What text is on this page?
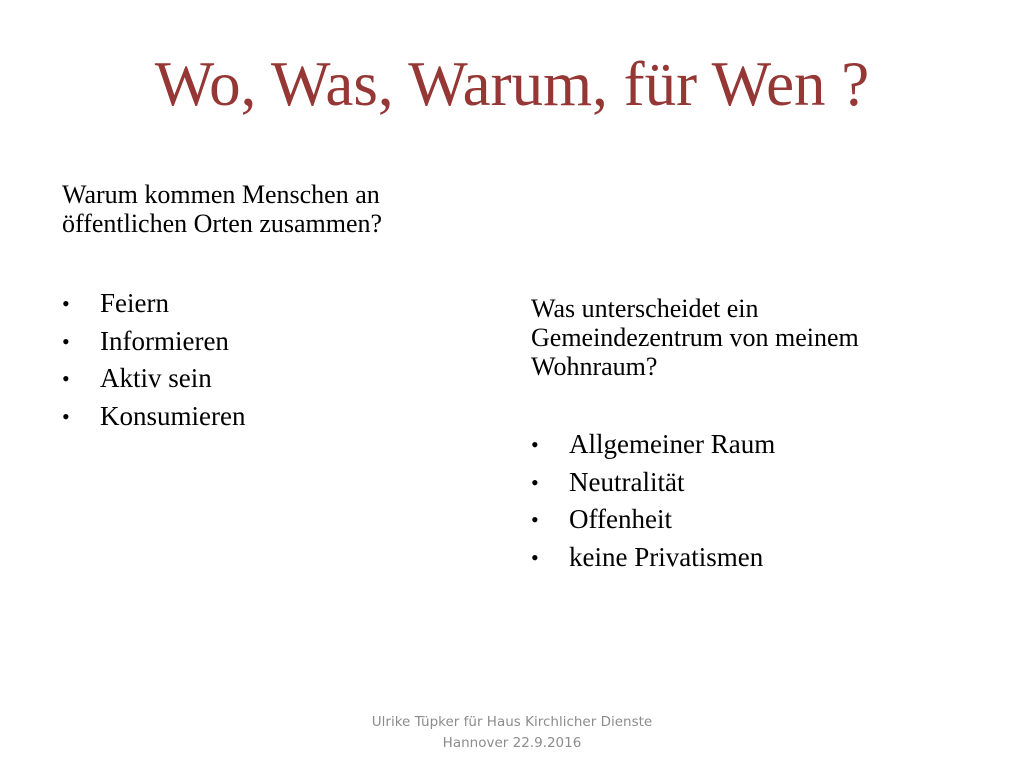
Wo, Was, Warum, für Wen ?

Warum kommen Menschen an
öffentlichen Orten zusammen?

•	Feiern
•	Informieren
•	Aktiv sein
•	Konsumieren

Was unterscheidet ein
Gemeindezentrum von meinem
Wohnraum?

•	Allgemeiner Raum
•	Neutralität
•	Offenheit
•	keine Privatismen
Ulrike Tüpker für Haus Kirchlicher Dienste
Hannover 22.9.2016
